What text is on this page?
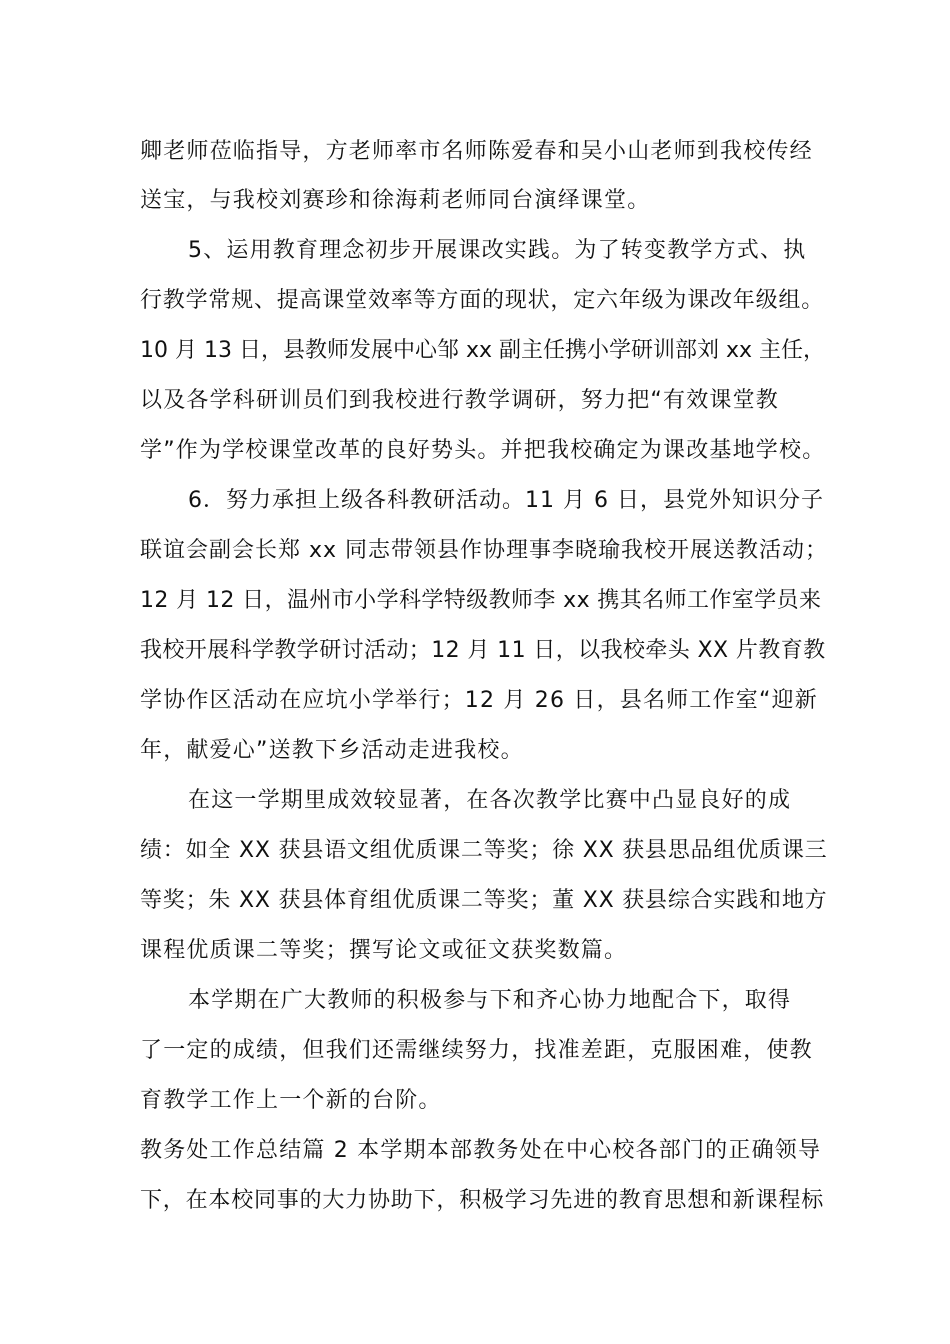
卿老师莅临指导，方老师率市名师陈爱春和吴小山老师到我校传经
送宝，与我校刘赛珍和徐海莉老师同台演绎课堂。
5、运用教育理念初步开展课改实践。为了转变教学方式、执
行教学常规、提高课堂效率等方面的现状，定六年级为课改年级组。
10 月 13 日，县教师发展中心邹 xx 副主任携小学研训部刘 xx 主任，
以及各学科研训员们到我校进行教学调研，努力把“有效课堂教
学”作为学校课堂改革的良好势头。并把我校确定为课改基地学校。
6．努力承担上级各科教研活动。11 月 6 日，县党外知识分子
联谊会副会长郑 xx 同志带领县作协理事李晓瑜我校开展送教活动；
12 月 12 日，温州市小学科学特级教师李 xx 携其名师工作室学员来
我校开展科学教学研讨活动；12 月 11 日，以我校牵头 XX 片教育教
学协作区活动在应坑小学举行；12 月 26 日，县名师工作室“迎新
年，献爱心”送教下乡活动走进我校。
在这一学期里成效较显著，在各次教学比赛中凸显良好的成
绩：如全 XX 获县语文组优质课二等奖；徐 XX 获县思品组优质课三
等奖；朱 XX 获县体育组优质课二等奖；董 XX 获县综合实践和地方
课程优质课二等奖；撰写论文或征文获奖数篇。
本学期在广大教师的积极参与下和齐心协力地配合下，取得
了一定的成绩，但我们还需继续努力，找准差距，克服困难，使教
育教学工作上一个新的台阶。
教务处工作总结篇 2 本学期本部教务处在中心校各部门的正确领导
下，在本校同事的大力协助下，积极学习先进的教育思想和新课程标
